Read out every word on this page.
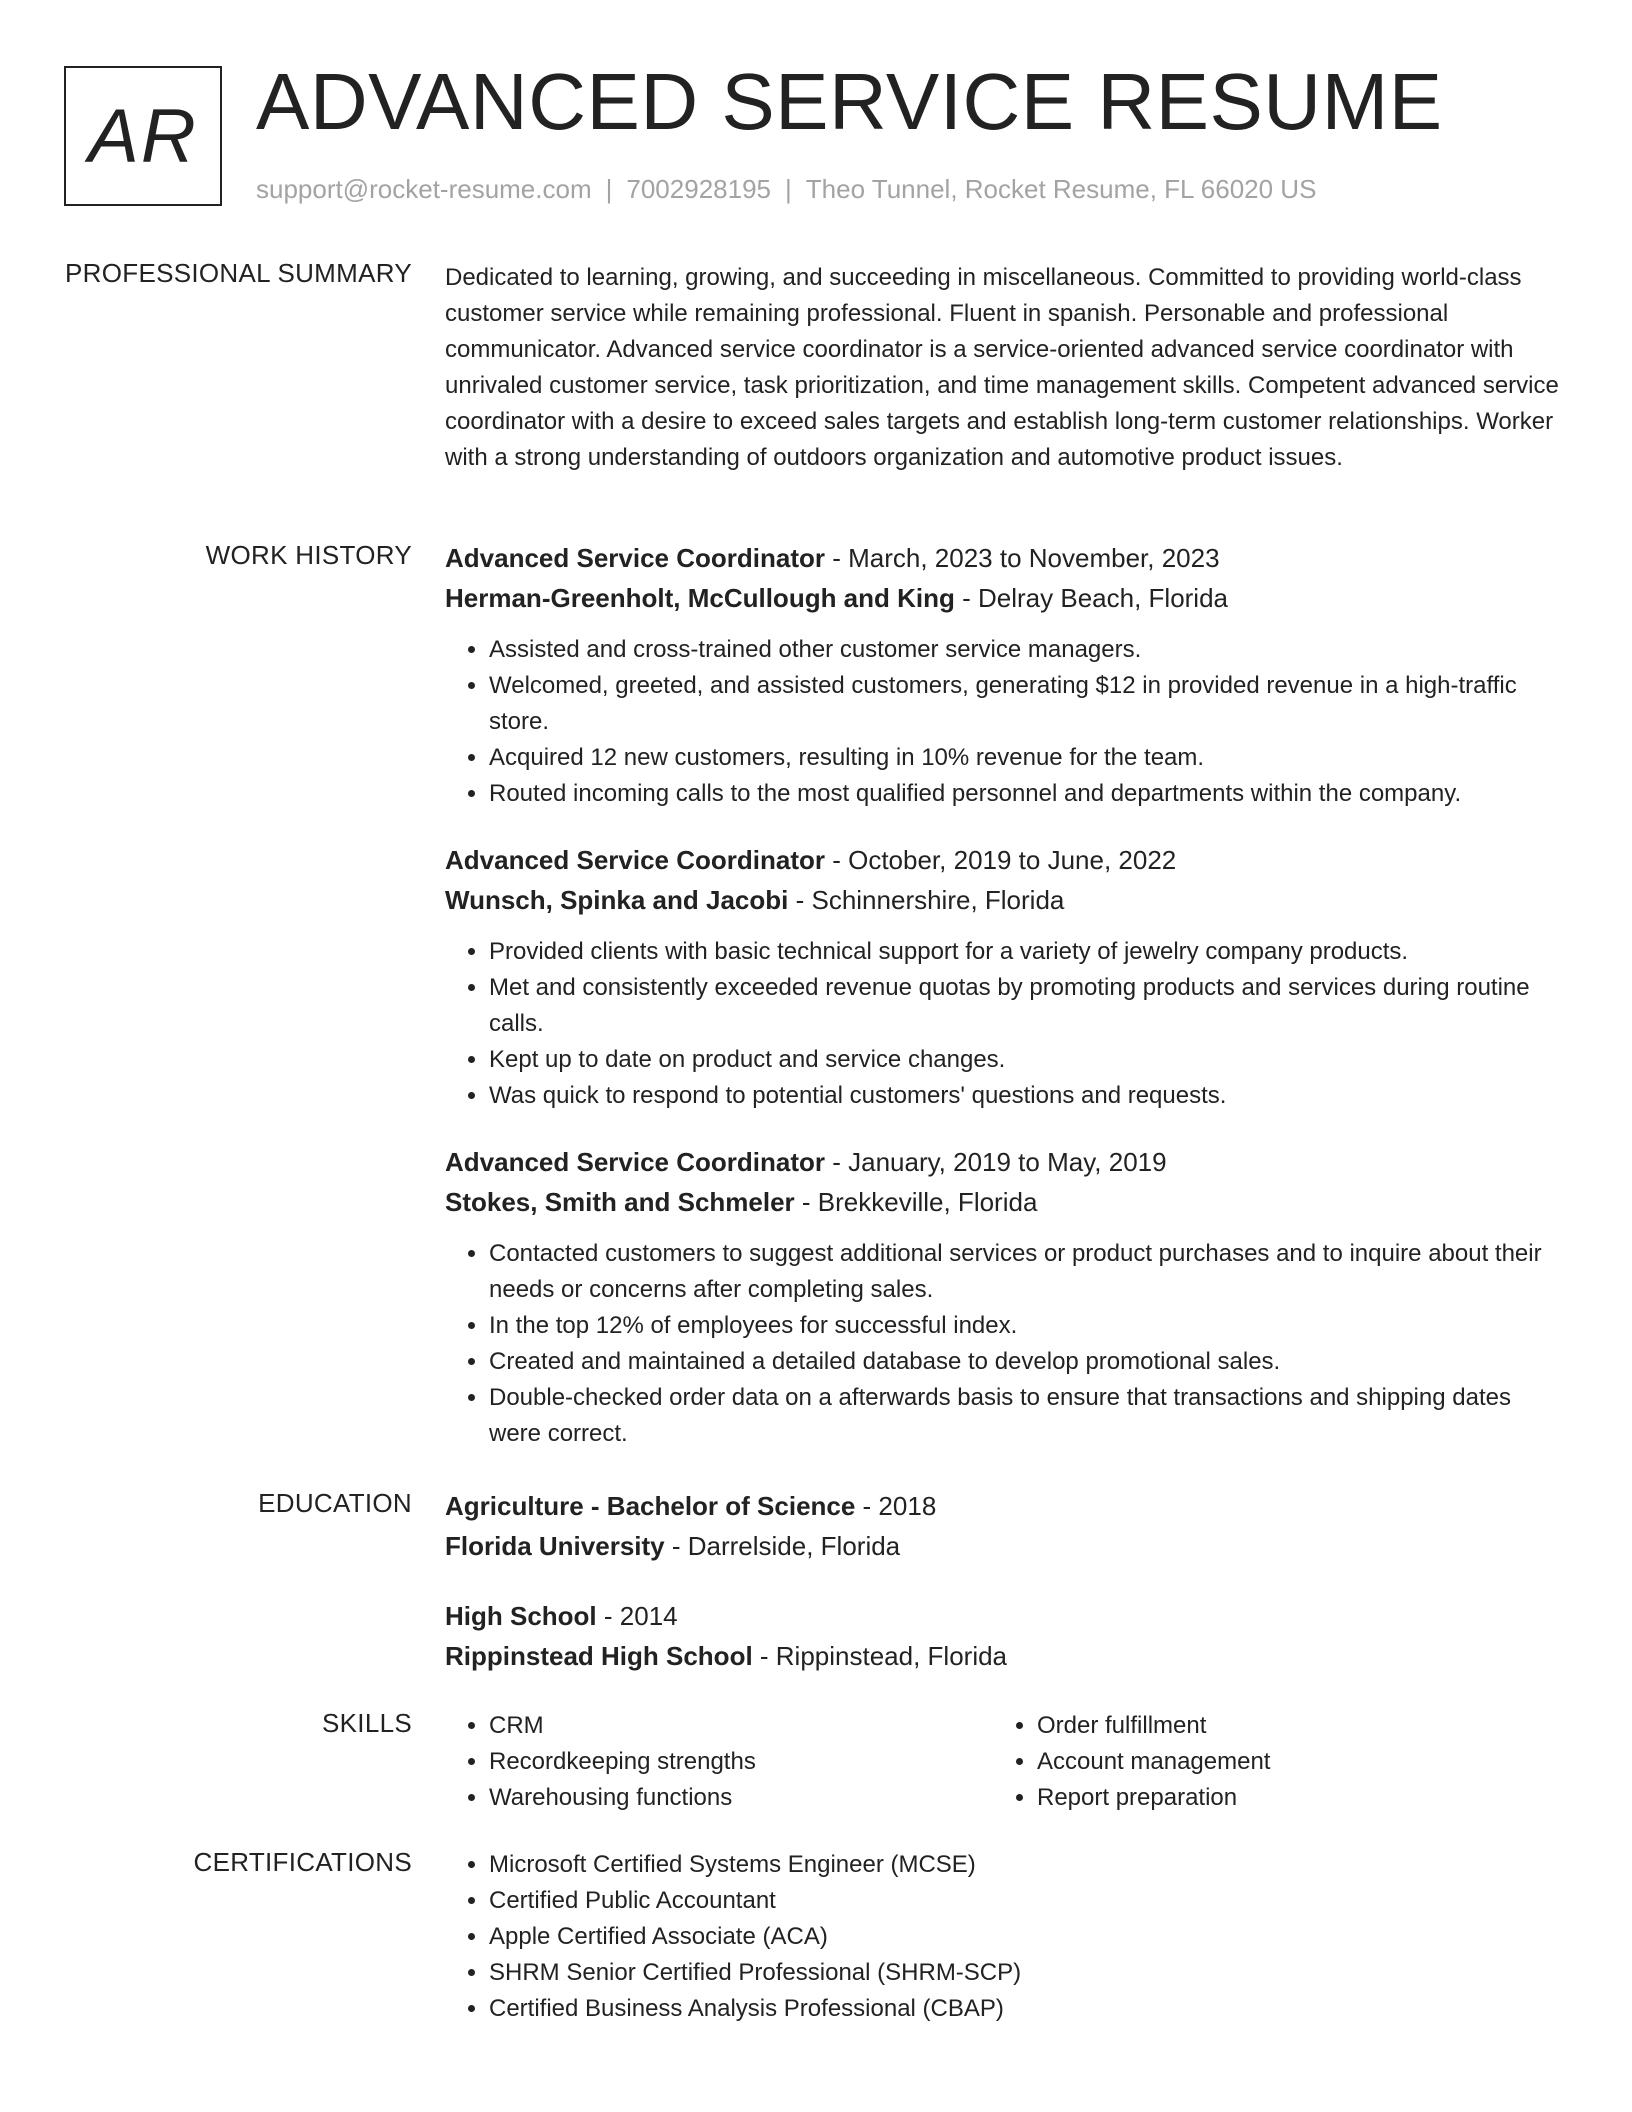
AR ADVANCED SERVICE RESUME
support@rocket-resume.com | 7002928195 | Theo Tunnel, Rocket Resume, FL 66020 US
PROFESSIONAL SUMMARY Dedicated to learning, growing, and succeeding in miscellaneous. Committed to providing world-class customer service while remaining professional. Fluent in spanish. Personable and professional communicator. Advanced service coordinator is a service-oriented advanced service coordinator with unrivaled customer service, task prioritization, and time management skills. Competent advanced service coordinator with a desire to exceed sales targets and establish long-term customer relationships. Worker with a strong understanding of outdoors organization and automotive product issues.

WORK HISTORY Advanced Service Coordinator - March, 2023 to November, 2023
Herman-Greenholt, McCullough and King - Delray Beach, Florida
• Assisted and cross-trained other customer service managers.
• Welcomed, greeted, and assisted customers, generating $12 in provided revenue in a high-traffic store.
• Acquired 12 new customers, resulting in 10% revenue for the team.
• Routed incoming calls to the most qualified personnel and departments within the company.
Advanced Service Coordinator - October, 2019 to June, 2022
Wunsch, Spinka and Jacobi - Schinnershire, Florida
• Provided clients with basic technical support for a variety of jewelry company products.
• Met and consistently exceeded revenue quotas by promoting products and services during routine calls.
• Kept up to date on product and service changes.
• Was quick to respond to potential customers' questions and requests.
Advanced Service Coordinator - January, 2019 to May, 2019
Stokes, Smith and Schmeler - Brekkeville, Florida
• Contacted customers to suggest additional services or product purchases and to inquire about their needs or concerns after completing sales.
• In the top 12% of employees for successful index.
• Created and maintained a detailed database to develop promotional sales.
• Double-checked order data on a afterwards basis to ensure that transactions and shipping dates were correct.
EDUCATION Agriculture - Bachelor of Science - 2018
Florida University - Darrelside, Florida
High School - 2014
Rippinstead High School - Rippinstead, Florida
SKILLS	• CRM
• Recordkeeping strengths
• Warehousing functions
• Order fulfillment
• Account management
• Report preparation
CERTIFICATIONS	• Microsoft Certified Systems Engineer (MCSE)
• Certified Public Accountant
• Apple Certified Associate (ACA)
• SHRM Senior Certified Professional (SHRM-SCP)
• Certified Business Analysis Professional (CBAP)
